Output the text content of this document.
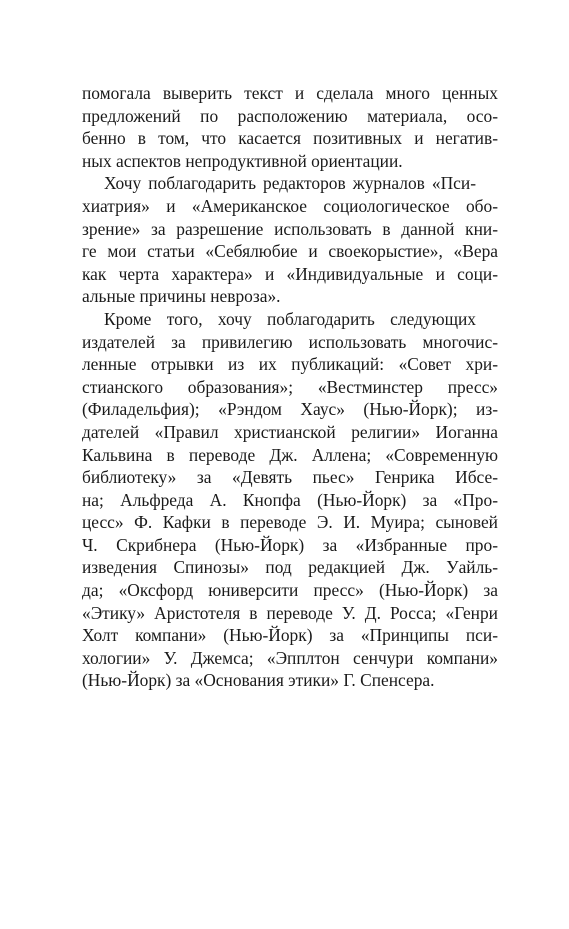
помогала выверить текст и сделала много ценных
предложений по расположению материала, осо-
бенно в том, что касается позитивных и негатив-
ных аспектов непродуктивной ориентации.

Хочу поблагодарить редакторов журналов «Пси-
хиатрия» и «Американское социологическое обо-
зрение» за разрешение использовать в данной кни-
ге мои статьи «Себялюбие и своекорыстие», «Вера
как черта характера» и «Индивидуальные и соци-
альные причины невроза».

Кроме того, хочу поблагодарить следующих
издателей за привилегию использовать многочис-
ленные отрывки из их публикаций: «Совет хри-
стианского образования»; «Вестминстер пресс»
(Филадельфия); «Рэндом Хаус» (Нью-Йорк); из-
дателей «Правил христианской религии» Иоганна
Кальвина в переводе Дж. Аллена; «Современную
библиотеку» за «Девять пьес» Генрика Ибсе-
на; Альфреда А. Кнопфа (Нью-Йорк) за «Про-
цесс» Ф. Кафки в переводе Э. И. Муира; сыновей
Ч. Скрибнера (Нью-Йорк) за «Избранные про-
изведения Спинозы» под редакцией Дж. Уайль-
да; «Оксфорд юниверсити пресс» (Нью-Йорк) за
«Этику» Аристотеля в переводе У. Д. Росса; «Генри
Холт компани» (Нью-Йорк) за «Принципы пси-
хологии» У. Джемса; «Эпплтон сенчури компани»
(Нью-Йорк) за «Основания этики» Г. Спенсера.
